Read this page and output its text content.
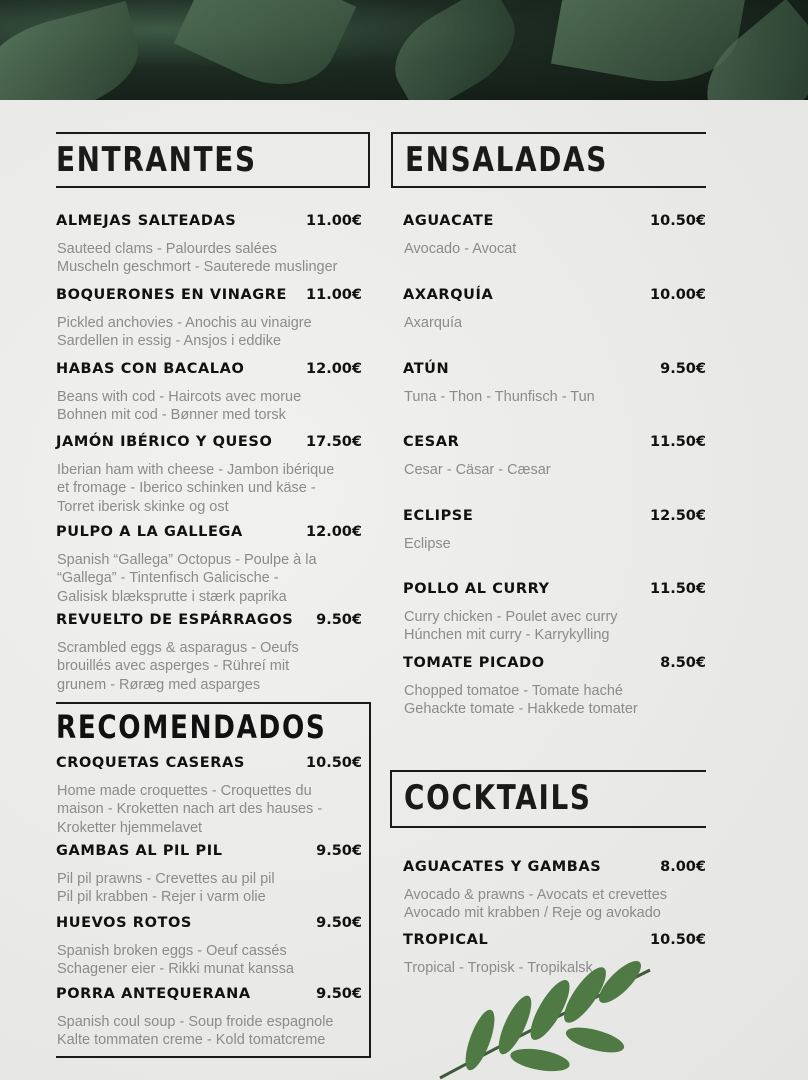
ENTRANTES	ENSALADAS
RECOMENDADOS
COCKTAILS
ALMEJAS SALTEADAS	11.00€
Sauteed clams - Palourdes salées
Muscheln geschmort - Sauterede muslinger
BOQUERONES EN VINAGRE 11.00€
Pickled anchovies - Anochis au vinaigre
Sardellen in essig - Ansjos i eddike
HABAS CON BACALAO	12.00€
Beans with cod - Haircots avec morue
Bohnen mit cod - Bønner med torsk
JAMÓN IBÉRICO Y QUESO 17.50€
Iberian ham with cheese - Jambon ibérique
et fromage - Iberico schinken und käse -
Torret iberisk skinke og ost
PULPO A LA GALLEGA	12.00€
Spanish “Gallega” Octopus - Poulpe à la
“Gallega” - Tintenfisch Galicische -
Galisisk blæksprutte i stærk paprika
REVUELTO DE ESPÁRRAGOS 9.50€
Scrambled eggs & asparagus - Oeufs
brouillés avec asperges - Rühreí mit
grunem - Røræg med asparges
CROQUETAS CASERAS	10.50€
Home made croquettes - Croquettes du
maison - Kroketten nach art des hauses -
Kroketter hjemmelavet
GAMBAS AL PIL PIL	9.50€
Pil pil prawns - Crevettes au pil pil
Pil pil krabben - Rejer i varm olie
HUEVOS ROTOS	9.50€
Spanish broken eggs - Oeuf cassés
Schagener eier - Rikki munat kanssa
PORRA ANTEQUERANA	9.50€
Spanish coul soup - Soup froide espagnole
Kalte tommaten creme - Kold tomatcreme
AGUACATE	10.50€
Avocado - Avocat
AXARQUÍA	10.00€
Axarquía
ATÚN	9.50€
Tuna - Thon - Thunfisch - Tun
CESAR	11.50€
Cesar - Cäsar - Cæsar
ECLIPSE	12.50€
Eclipse
POLLO AL CURRY	11.50€
Curry chicken - Poulet avec curry
Húnchen mit curry - Karrykylling
TOMATE PICADO	8.50€
Chopped tomatoe - Tomate haché
Gehackte tomate - Hakkede tomater
AGUACATES Y GAMBAS	8.00€
Avocado & prawns - Avocats et crevettes
Avocado mit krabben / Reje og avokado
TROPICAL	10.50€
Tropical - Tropisk - Tropikalsk
